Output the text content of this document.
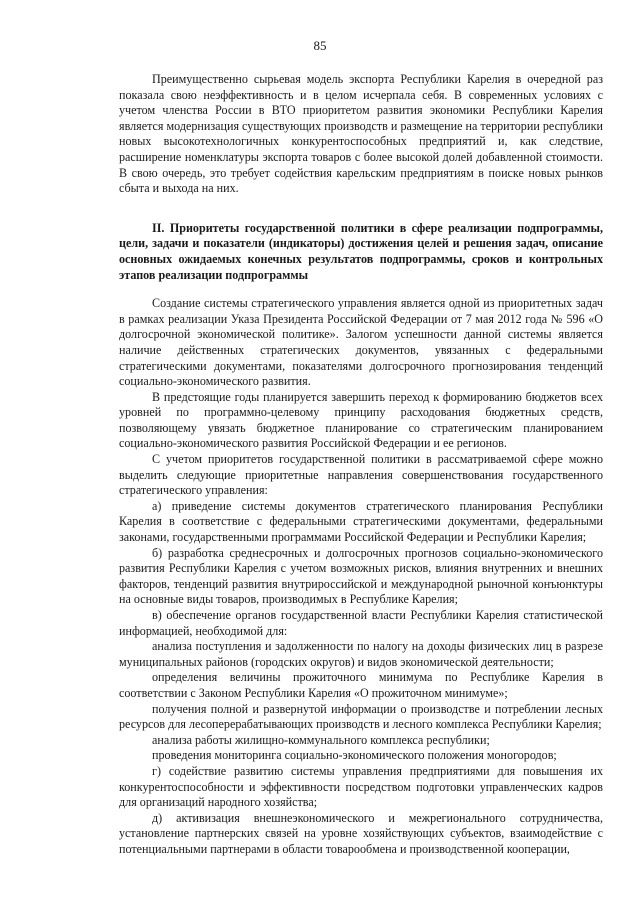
85

Преимущественно сырьевая модель экспорта Республики Карелия в очередной раз показала свою неэффективность и в целом исчерпала себя. В современных условиях с учетом членства России в ВТО приоритетом развития экономики Республики Карелия является модернизация существующих производств и размещение на территории республики новых высокотехнологичных конкурентоспособных предприятий и, как следствие, расширение номенклатуры экспорта товаров с более высокой долей добавленной стоимости. В свою очередь, это требует содействия карельским предприятиям в поиске новых рынков сбыта и выхода на них.

II. Приоритеты государственной политики в сфере реализации подпрограммы, цели, задачи и показатели (индикаторы) достижения целей и решения задач, описание основных ожидаемых конечных результатов подпрограммы, сроков и контрольных этапов реализации подпрограммы

Создание системы стратегического управления является одной из приоритетных задач в рамках реализации Указа Президента Российской Федерации от 7 мая 2012 года № 596 «О долгосрочной экономической политике». Залогом успешности данной системы является наличие действенных стратегических документов, увязанных с федеральными стратегическими документами, показателями долгосрочного прогнозирования тенденций социально-экономического развития.

В предстоящие годы планируется завершить переход к формированию бюджетов всех уровней по программно-целевому принципу расходования бюджетных средств, позволяющему увязать бюджетное планирование со стратегическим планированием социально-экономического развития Российской Федерации и ее регионов.

С учетом приоритетов государственной политики в рассматриваемой сфере можно выделить следующие приоритетные направления совершенствования государственного стратегического управления:

а) приведение системы документов стратегического планирования Республики Карелия в соответствие с федеральными стратегическими документами, федеральными законами, государственными программами Российской Федерации и Республики Карелия;

б) разработка среднесрочных и долгосрочных прогнозов социально-экономического развития Республики Карелия с учетом возможных рисков, влияния внутренних и внешних факторов, тенденций развития внутрироссийской и международной рыночной конъюнктуры на основные виды товаров, производимых в Республике Карелия;

в) обеспечение органов государственной власти Республики Карелия статистической информацией, необходимой для:

анализа поступления и задолженности по налогу на доходы физических лиц в разрезе муниципальных районов (городских округов) и видов экономической деятельности;

определения величины прожиточного минимума по Республике Карелия в соответствии с Законом Республики Карелия «О прожиточном минимуме»;

получения полной и развернутой информации о производстве и потреблении лесных ресурсов для лесоперерабатывающих производств и лесного комплекса Республики Карелия;

анализа работы жилищно-коммунального комплекса республики;

проведения мониторинга социально-экономического положения моногородов;

г) содействие развитию системы управления предприятиями для повышения их конкурентоспособности и эффективности посредством подготовки управленческих кадров для организаций народного хозяйства;

д) активизация внешнеэкономического и межрегионального сотрудничества, установление партнерских связей на уровне хозяйствующих субъектов, взаимодействие с потенциальными партнерами в области товарообмена и производственной кооперации,
